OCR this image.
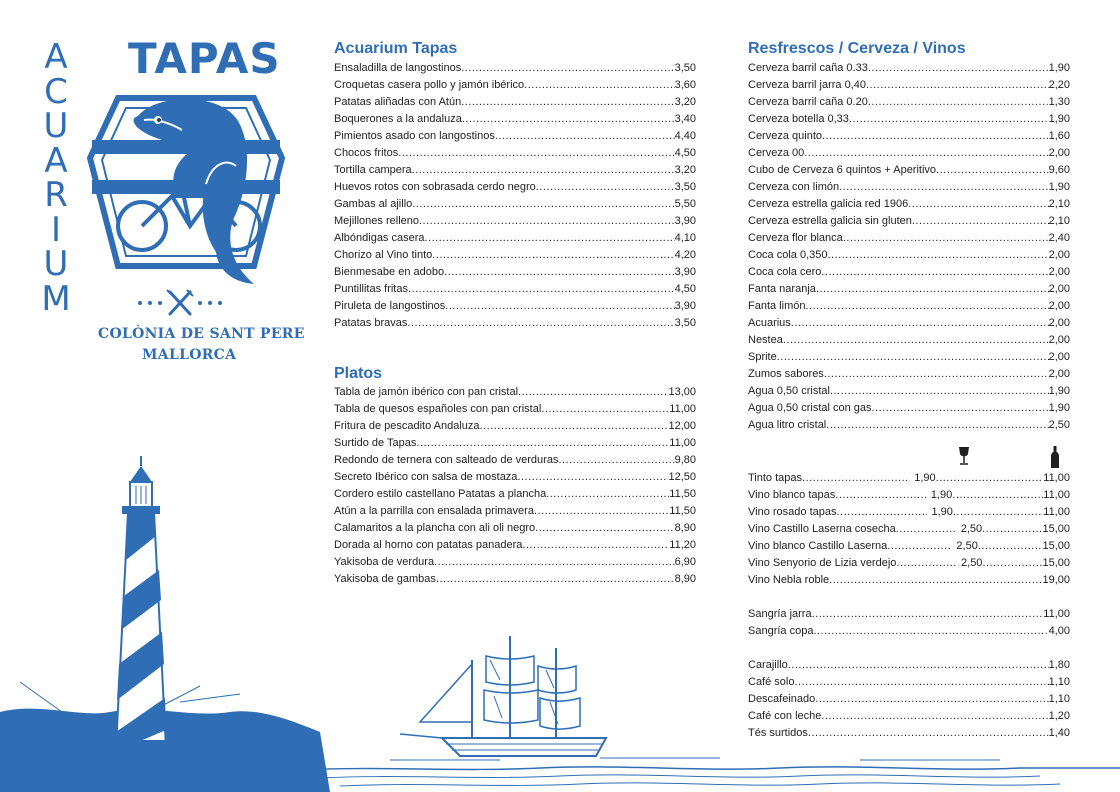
A
C
U
A
R
I
U
M
TAPAS
COLÒNIA DE SANT PERE
MALLORCA
Acuarium Tapas
Ensaladilla de langostinos .....	3,50
Croquetas casera pollo y jamón ibérico .....	3,60
Patatas aliñadas con Atún .....	3,20
Boquerones a la andaluza .....	3,40
Pimientos asado con langostinos .....	4,40
Chocos fritos .....	4,50
Tortilla campera .....	3,20
Huevos rotos con sobrasada cerdo negro .....	3,50
Gambas al ajillo .....	5,50
Mejillones relleno .....	3,90
Albóndigas casera .....	4,10
Chorizo al Vino tinto .....	4,20
Bienmesabe en adobo .....	3,90
Puntillitas fritas .....	4,50
Piruleta de langostinos .....	3,90
Patatas bravas .....	3,50
Platos
Tabla de jamón ibérico con pan cristal .....	13,00
Tabla de quesos españoles con pan cristal .....	11,00
Fritura de pescadito Andaluza .....	12,00
Surtido de Tapas .....	11,00
Redondo de ternera con salteado de verduras .....	9,80
Secreto Ibérico con salsa de mostaza .....	12,50
Cordero estilo castellano Patatas a plancha .....	11,50
Atún a la parrilla con ensalada primavera .....	11,50
Calamaritos a la plancha con ali oli negro .....	8,90
Dorada al horno con patatas panadera .....	11,20
Yakisoba de verdura .....	6,90
Yakisoba de gambas .....	8,90
Resfrescos / Cerveza / Vinos
Cerveza barril caña 0.33 .....	1,90
Cerveza barril jarra 0,40 .....	2,20
Cerveza barril caña 0.20 .....	1,30
Cerveza botella 0,33 .....	1,90
Cerveza quinto .....	1,60
Cerveza 00 .....	2,00
Cubo de Cerveza 6 quintos + Aperitivo .....	9,60
Cerveza con limón .....	1,90
Cerveza estrella galicia red 1906 .....	2,10
Cerveza estrella galicia sin gluten .....	2,10
Cerveza flor blanca .....	2,40
Coca cola 0,350 .....	2,00
Coca cola cero .....	2,00
Fanta naranja .....	2,00
Fanta limón .....	2,00
Acuarius .....	2,00
Nestea .....	2,00
Sprite .....	2,00
Zumos sabores .....	2,00
Agua 0,50 cristal .....	1,90
Agua 0,50 cristal con gas .....	1,90
Agua litro cristal .....	2,50
Tinto tapas .....	1,90 .....	11,00
Vino blanco tapas .....	1,90 .....	11,00
Vino rosado tapas .....	1,90 .....	11,00
Vino Castillo Laserna cosecha .....	2,50 .....	15,00
Vino blanco Castillo Laserna .....	2,50 .....	15,00
Vino Senyorio de Lizia verdejo .....	2,50 .....	15,00
Vino Nebla roble .....	19,00
Sangría jarra .....	11,00
Sangría copa .....	4,00
Carajillo .....	1,80
Café solo .....	1,10
Descafeinado .....	1,10
Café con leche .....	1,20
Tés surtidos .....	1,40
